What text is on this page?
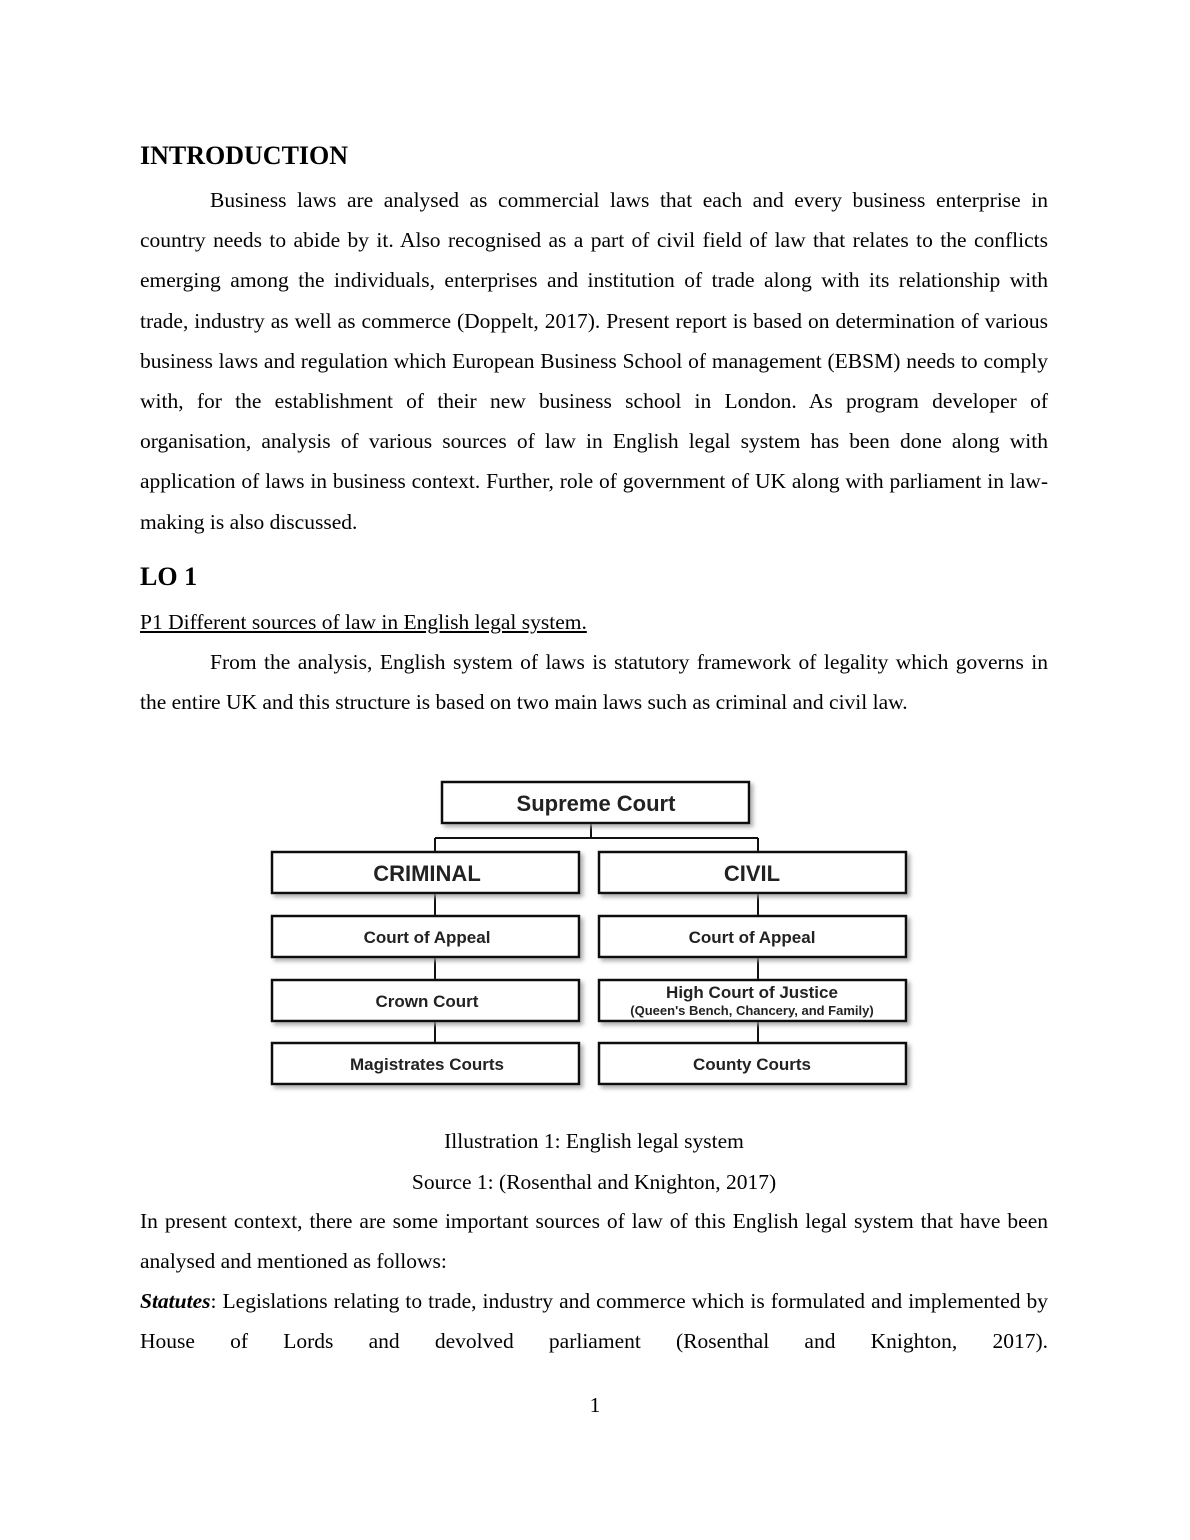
INTRODUCTION

Business laws are analysed as commercial laws that each and every business enterprise in country needs to abide by it. Also recognised as a part of civil field of law that relates to the conflicts emerging among the individuals, enterprises and institution of trade along with its relationship with trade, industry as well as commerce (Doppelt, 2017). Present report is based on determination of various business laws and regulation which European Business School of management (EBSM) needs to comply with, for the establishment of their new business school in London. As program developer of organisation, analysis of various sources of law in English legal system has been done along with application of laws in business context. Further, role of government of UK along with parliament in law-making is also discussed.

LO 1

P1 Different sources of law in English legal system.

From the analysis, English system of laws is statutory framework of legality which governs in the entire UK and this structure is based on two main laws such as criminal and civil law.

Illustration 1: English legal system

Source 1: (Rosenthal and Knighton, 2017)

In present context, there are some important sources of law of this English legal system that have been analysed and mentioned as follows:

Statutes: Legislations relating to trade, industry and commerce which is formulated and implemented by House of Lords and devolved parliament (Rosenthal and Knighton, 2017).

Supreme Court
CRIMINAL
Court of Appeal
Crown Court
Magistrates Courts
CIVIL
Court of Appeal
High Court of Justice
(Queen's Bench, Chancery, and Family)
County Courts
1
